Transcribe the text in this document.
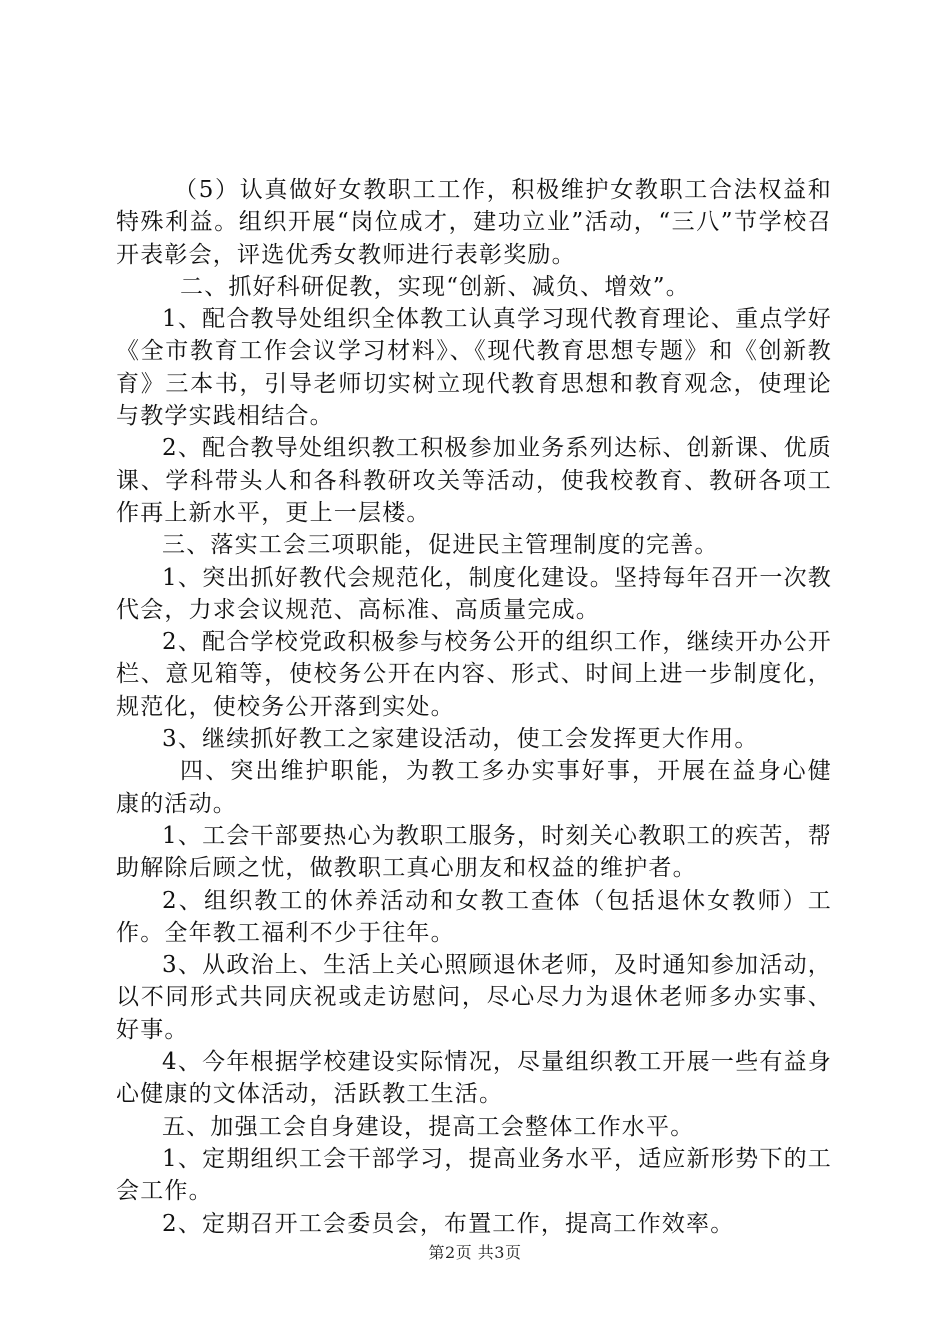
（5）认真做好女教职工工作，积极维护女教职工合法权益和特殊利益。组织开展“岗位成才，建功立业”活动，“三八”节学校召开表彰会，评选优秀女教师进行表彰奖励。

二、抓好科研促教，实现“创新、减负、增效”。

1、配合教导处组织全体教工认真学习现代教育理论、重点学好《全市教育工作会议学习材料》、《现代教育思想专题》和《创新教育》三本书，引导老师切实树立现代教育思想和教育观念，使理论与教学实践相结合。

2、配合教导处组织教工积极参加业务系列达标、创新课、优质课、学科带头人和各科教研攻关等活动，使我校教育、教研各项工作再上新水平，更上一层楼。

三、落实工会三项职能，促进民主管理制度的完善。

1、突出抓好教代会规范化，制度化建设。坚持每年召开一次教代会，力求会议规范、高标准、高质量完成。

2、配合学校党政积极参与校务公开的组织工作，继续开办公开栏、意见箱等，使校务公开在内容、形式、时间上进一步制度化，规范化，使校务公开落到实处。

3、继续抓好教工之家建设活动，使工会发挥更大作用。

四、突出维护职能，为教工多办实事好事，开展在益身心健康的活动。

1、工会干部要热心为教职工服务，时刻关心教职工的疾苦，帮助解除后顾之忧，做教职工真心朋友和权益的维护者。

2、组织教工的休养活动和女教工查体（包括退休女教师）工作。全年教工福利不少于往年。

3、从政治上、生活上关心照顾退休老师，及时通知参加活动，以不同形式共同庆祝或走访慰问，尽心尽力为退休老师多办实事、好事。

4、今年根据学校建设实际情况，尽量组织教工开展一些有益身心健康的文体活动，活跃教工生活。

五、加强工会自身建设，提高工会整体工作水平。

1、定期组织工会干部学习，提高业务水平，适应新形势下的工会工作。

2、定期召开工会委员会，布置工作，提高工作效率。

第2页 共3页
